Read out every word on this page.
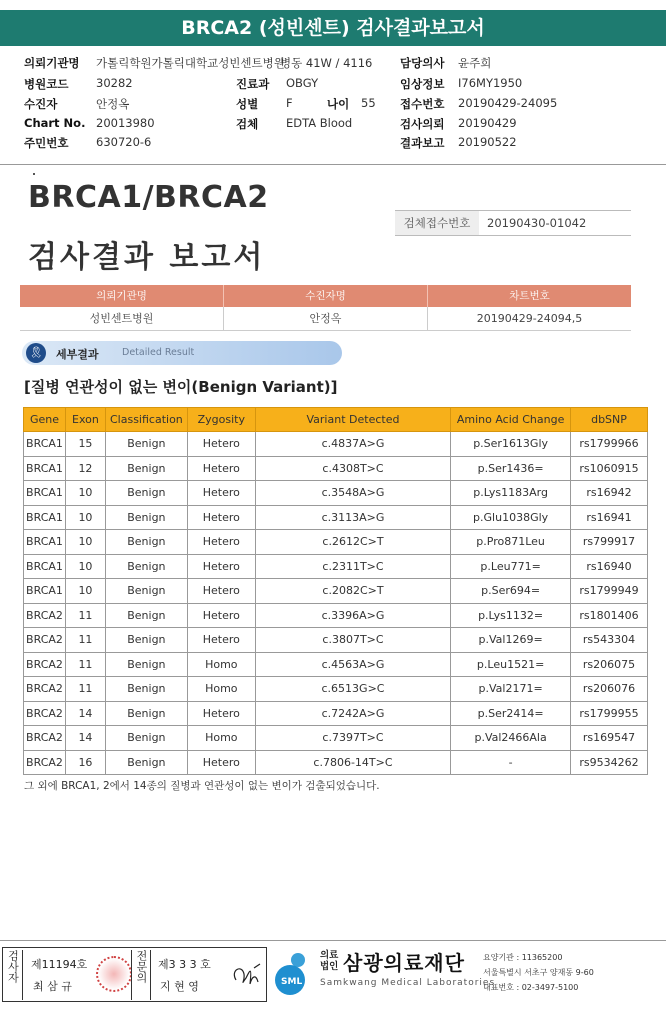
BRCA2 (성빈센트) 검사결과보고서
의뢰기관명 가톨릭학원가톨릭대학교성빈센트병원
병동 41W / 4116 담당의사 윤주희
병원코드 30282	진료과 OBGY	임상정보 I76MY1950
수진자	안정옥	성별 F	나이 55 접수번호 20190429-24095
Chart No. 20013980	검체 EDTA Blood	검사의뢰 20190429
주민번호 630720-6	결과보고 20190522
BRCA1/BRCA2
검사결과 보고서
검체접수번호	20190430-01042
의뢰기관명	수진자명	차트번호
성빈센트병원	안정옥	20190429-24094,5
🎗 세부결과 Detailed Result
[질병 연관성이 없는 변이(Benign Variant)]
Gene	Exon	Classification	Zygosity	Variant Detected	Amino Acid Change	dbSNP
BRCA1	15	Benign	Hetero	c.4837A>G	p.Ser1613Gly	rs1799966
BRCA1	12	Benign	Hetero	c.4308T>C	p.Ser1436=	rs1060915
BRCA1	10	Benign	Hetero	c.3548A>G	p.Lys1183Arg	rs16942
BRCA1	10	Benign	Hetero	c.3113A>G	p.Glu1038Gly	rs16941
BRCA1	10	Benign	Hetero	c.2612C>T	p.Pro871Leu	rs799917
BRCA1	10	Benign	Hetero	c.2311T>C	p.Leu771=	rs16940
BRCA1	10	Benign	Hetero	c.2082C>T	p.Ser694=	rs1799949
BRCA2	11	Benign	Hetero	c.3396A>G	p.Lys1132=	rs1801406
BRCA2	11	Benign	Hetero	c.3807T>C	p.Val1269=	rs543304
BRCA2	11	Benign	Homo	c.4563A>G	p.Leu1521=	rs206075
BRCA2	11	Benign	Homo	c.6513G>C	p.Val2171=	rs206076
BRCA2	14	Benign	Hetero	c.7242A>G	p.Ser2414=	rs1799955
BRCA2	14	Benign	Homo	c.7397T>C	p.Val2466Ala	rs169547
BRCA2	16	Benign	Hetero	c.7806-14T>C	-	rs9534262
그 외에 BRCA1, 2에서 14종의 질병과 연관성이 없는 변이가 검출되었습니다.
검사자	제11194호
최 삼 규
전문의 제3 3 3 호
지 현 영	SML
의료법인 삼광의료재단
Samkwang Medical Laboratories
요양기관 : 11365200
서울특별시 서초구 양재동 9-60
대표번호 : 02-3497-5100
